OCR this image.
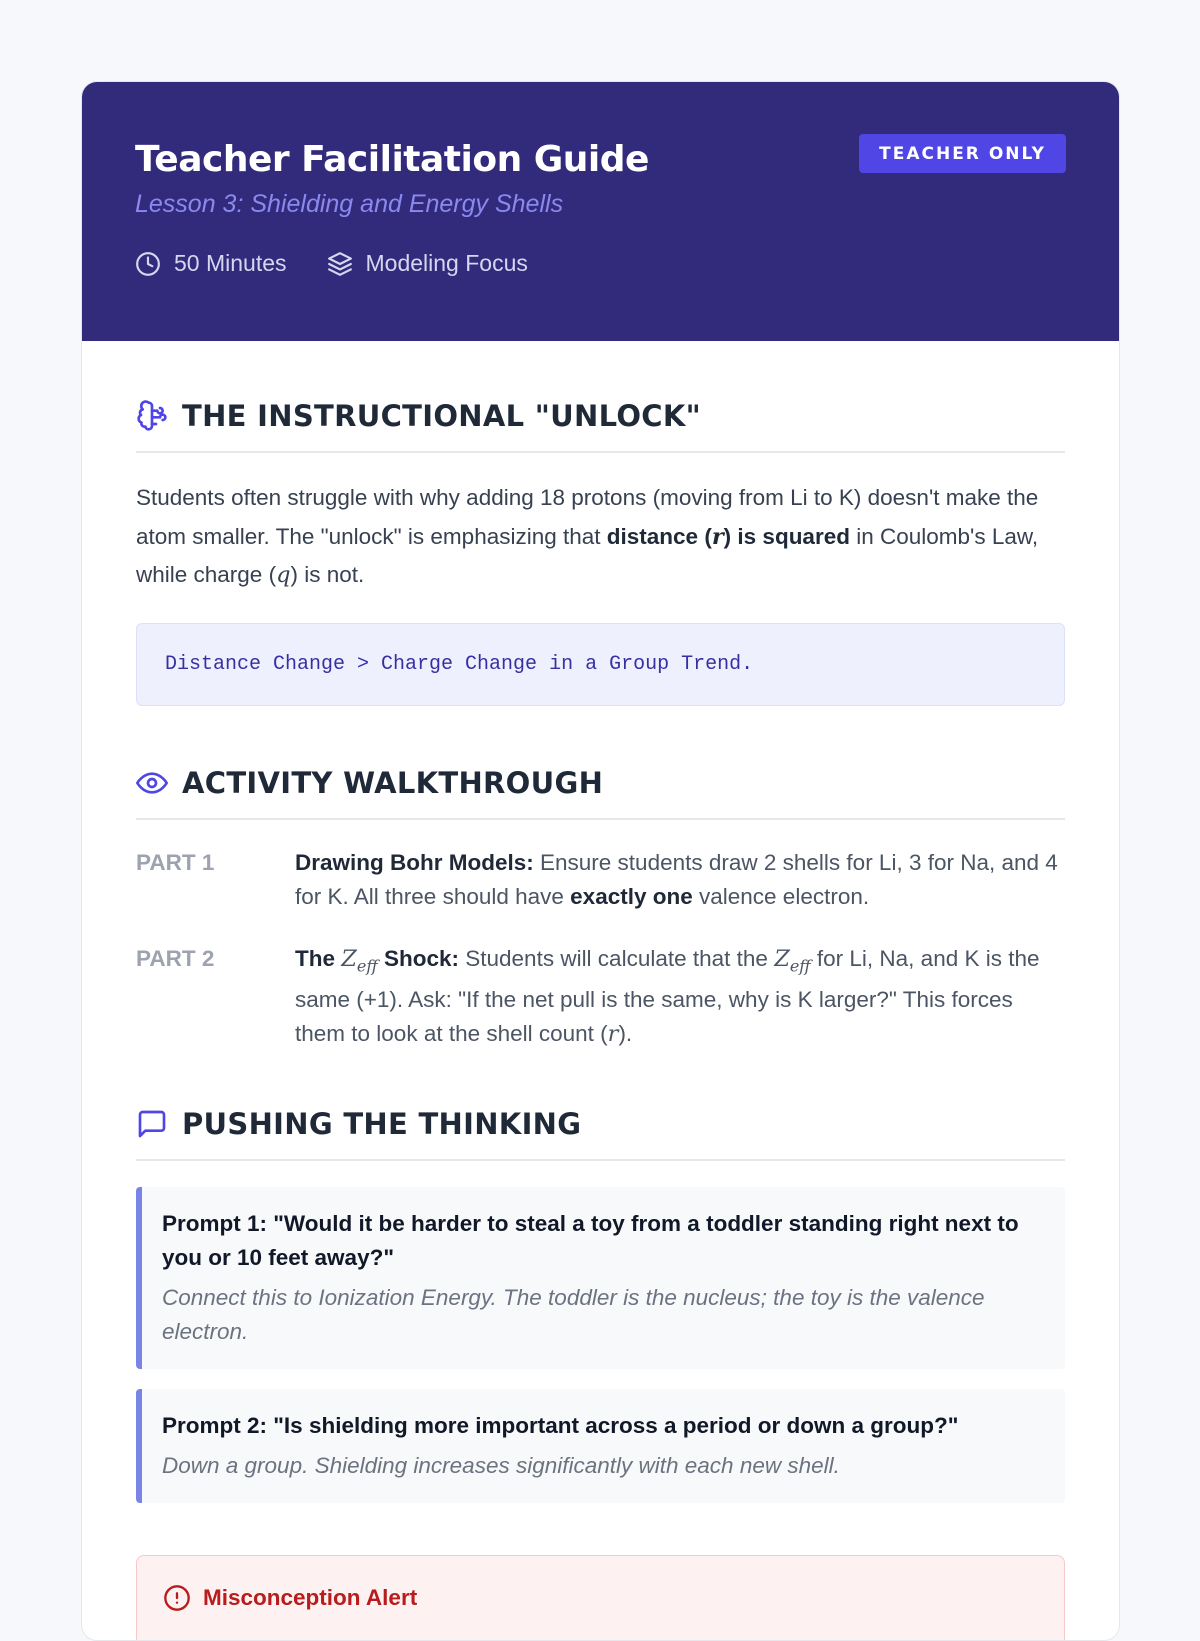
Teacher Facilitation Guide
Lesson 3: Shielding and Energy Shells
50 Minutes	Modeling Focus
TEACHER ONLY
THE INSTRUCTIONAL "UNLOCK"

Students often struggle with why adding 18 protons (moving from Li to K) doesn't make the atom smaller. The "unlock" is emphasizing that distance (r) is squared in Coulomb's Law, while charge (q) is not.

Distance Change > Charge Change in a Group Trend.
ACTIVITY WALKTHROUGH
PART 1	Drawing Bohr Models: Ensure students draw 2 shells for Li, 3 for Na, and 4 for K. All three should have exactly one valence electron.
PART 2	The $Z_{eff}$ Shock: Students will calculate that the $Z_{eff}$ for Li, Na, and K is the same (+1). Ask: "If the net pull is the same, why is K larger?" This forces them to look at the shell count (r).
PUSHING THE THINKING
Prompt 1: "Would it be harder to steal a toy from a toddler standing right next to you or 10 feet away?"
Connect this to Ionization Energy. The toddler is the nucleus; the toy is the valence electron.
Prompt 2: "Is shielding more important across a period or down a group?"
Down a group. Shielding increases significantly with each new shell.
Misconception Alert
